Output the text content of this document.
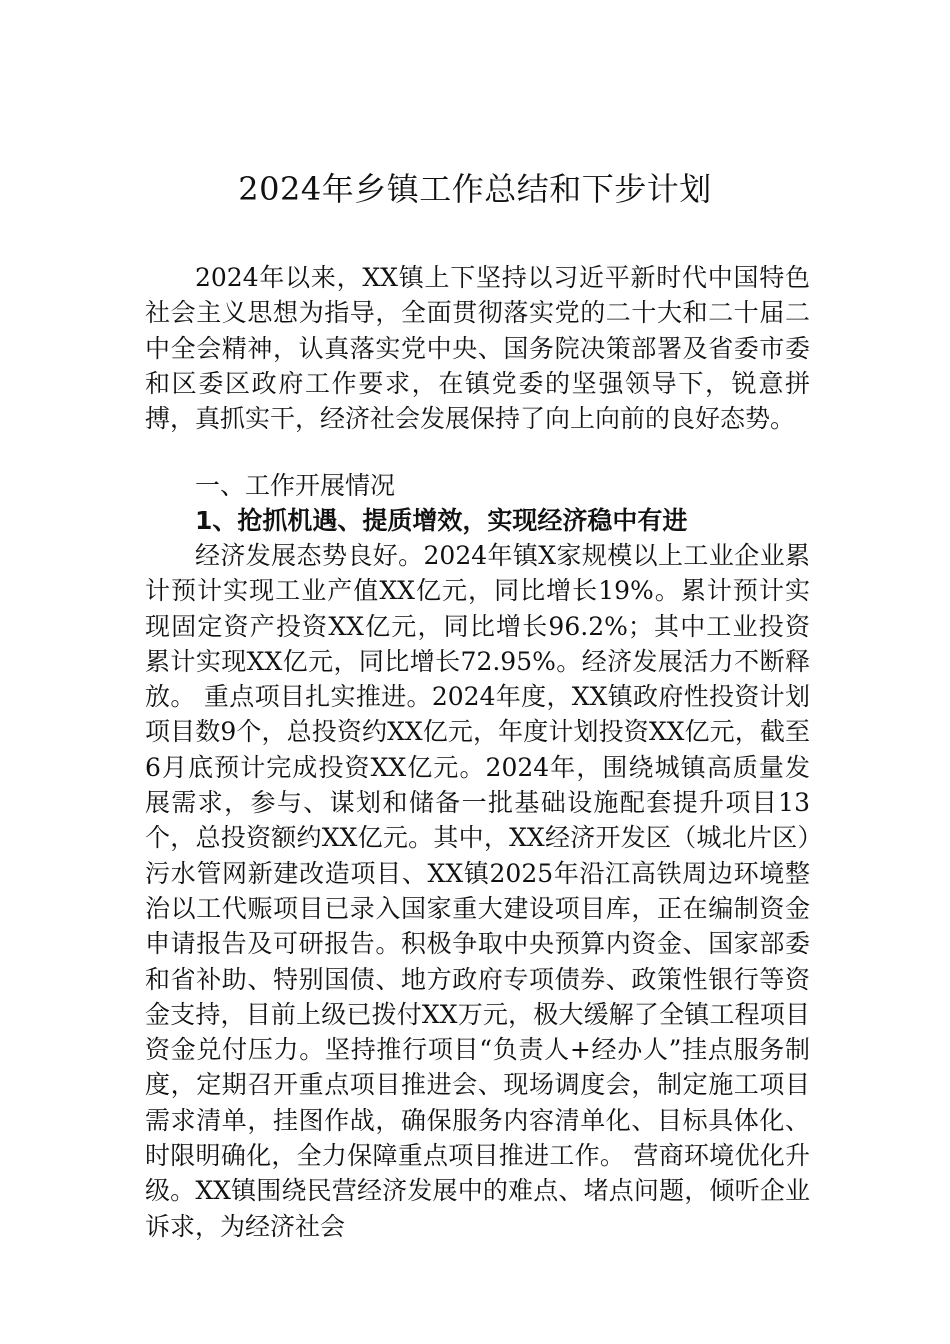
2024年乡镇工作总结和下步计划

2024年以来，XX镇上下坚持以习近平新时代中国特色社会主义思想为指导，全面贯彻落实党的二十大和二十届二中全会精神，认真落实党中央、国务院决策部署及省委市委和区委区政府工作要求，在镇党委的坚强领导下，锐意拼搏，真抓实干，经济社会发展保持了向上向前的良好态势。

一、工作开展情况

1、抢抓机遇、提质增效，实现经济稳中有进

经济发展态势良好。2024年镇X家规模以上工业企业累计预计实现工业产值XX亿元，同比增长19%。累计预计实现固定资产投资XX亿元，同比增长96.2%；其中工业投资累计实现XX亿元，同比增长72.95%。经济发展活力不断释放。 重点项目扎实推进。2024年度，XX镇政府性投资计划项目数9个，总投资约XX亿元，年度计划投资XX亿元，截至6月底预计完成投资XX亿元。2024年，围绕城镇高质量发展需求，参与、谋划和储备一批基础设施配套提升项目13个，总投资额约XX亿元。其中，XX经济开发区（城北片区）污水管网新建改造项目、XX镇2025年沿江高铁周边环境整治以工代赈项目已录入国家重大建设项目库，正在编制资金申请报告及可研报告。积极争取中央预算内资金、国家部委和省补助、特别国债、地方政府专项债券、政策性银行等资金支持，目前上级已拨付XX万元，极大缓解了全镇工程项目资金兑付压力。坚持推行项目“负责人+经办人”挂点服务制度，定期召开重点项目推进会、现场调度会，制定施工项目需求清单，挂图作战，确保服务内容清单化、目标具体化、时限明确化，全力保障重点项目推进工作。 营商环境优化升级。XX镇围绕民营经济发展中的难点、堵点问题，倾听企业诉求，为经济社会
